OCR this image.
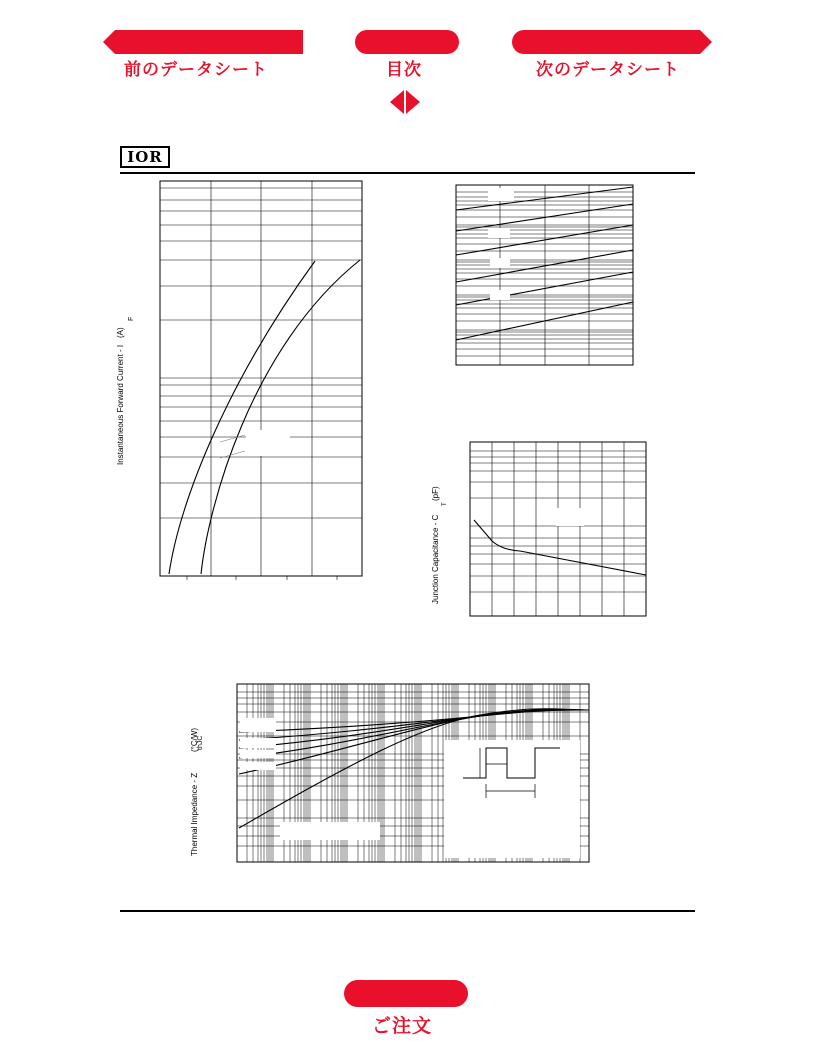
前のデータシート	目次	次のデータシート
IOR
Instantaneous Forward Current - I
(A)
F
Junction Capacitance - C
(pF)
T
Thermal Impedance - Z
thJC
(°C/W)
ご注文
